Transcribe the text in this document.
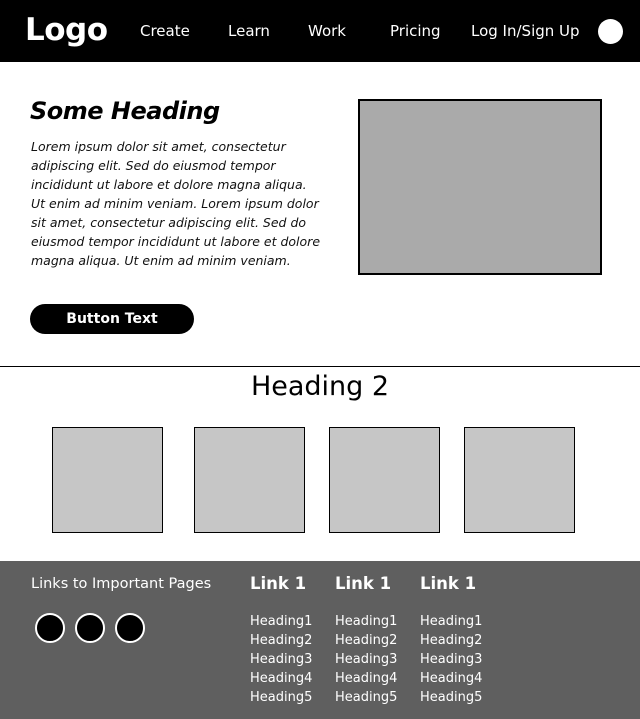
Logo Create	Learn	Work	Pricing Log In/Sign Up
Some Heading

Lorem ipsum dolor sit amet, consectetur adipiscing elit. Sed do eiusmod tempor incididunt ut labore et dolore magna aliqua. Ut enim ad minim veniam. Lorem ipsum dolor sit amet, consectetur adipiscing elit. Sed do eiusmod tempor incididunt ut labore et dolore magna aliqua. Ut enim ad minim veniam.

Button Text
Heading 2
Links to Important Pages Link 1
Heading1
Heading2
Heading3
Heading4
Heading5
Link 1
Heading1
Heading2
Heading3
Heading4
Heading5
Link 1
Heading1
Heading2
Heading3
Heading4
Heading5
